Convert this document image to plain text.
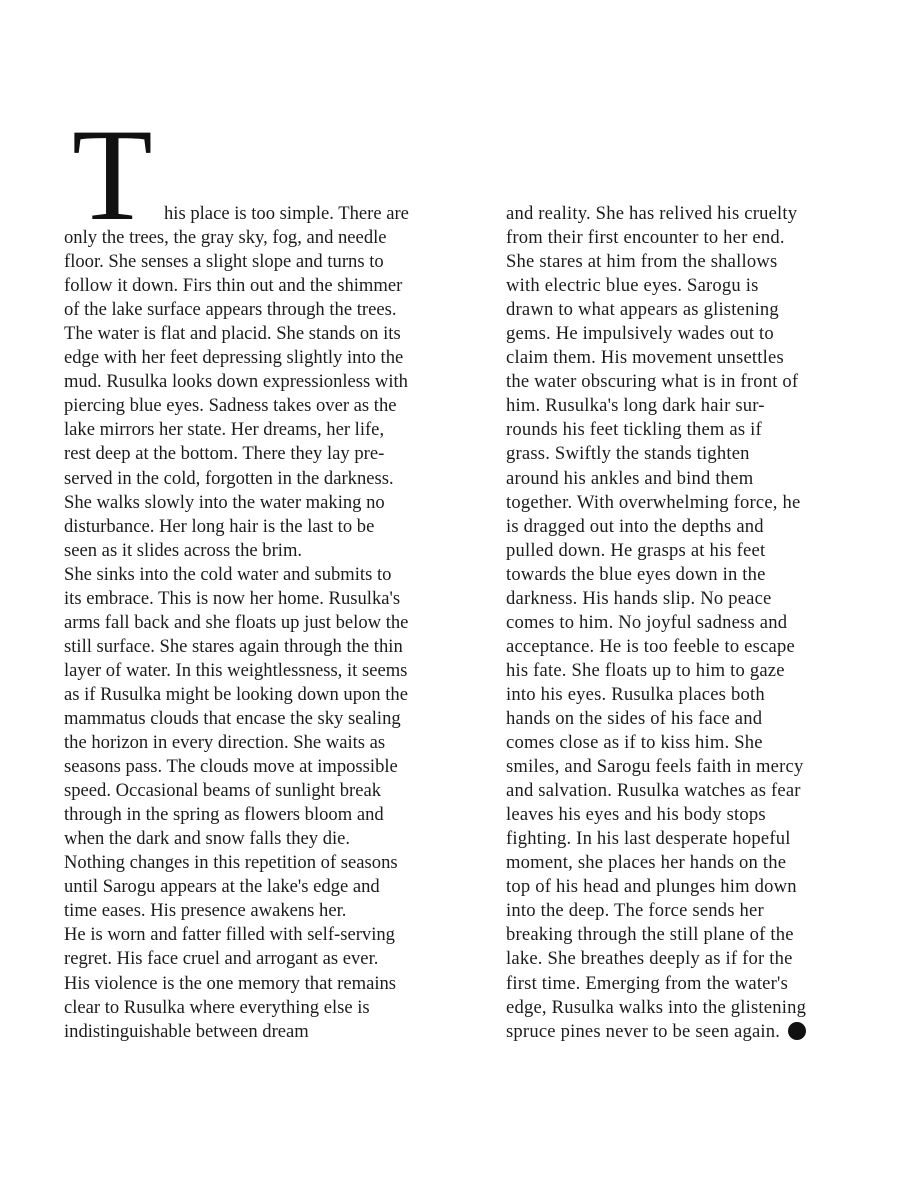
T his place is too simple. There are
only the trees, the gray sky, fog, and needle
floor. She senses a slight slope and turns to
follow it down. Firs thin out and the shimmer
of the lake surface appears through the trees.
The water is flat and placid. She stands on its
edge with her feet depressing slightly into the
mud. Rusulka looks down expressionless with
piercing blue eyes. Sadness takes over as the
lake mirrors her state. Her dreams, her life,
rest deep at the bottom. There they lay pre-
served in the cold, forgotten in the darkness.
She walks slowly into the water making no
disturbance. Her long hair is the last to be
seen as it slides across the brim.
She sinks into the cold water and submits to
its embrace. This is now her home. Rusulka's
arms fall back and she floats up just below the
still surface. She stares again through the thin
layer of water. In this weightlessness, it seems
as if Rusulka might be looking down upon the
mammatus clouds that encase the sky sealing
the horizon in every direction. She waits as
seasons pass. The clouds move at impossible
speed. Occasional beams of sunlight break
through in the spring as flowers bloom and
when the dark and snow falls they die.
Nothing changes in this repetition of seasons
until Sarogu appears at the lake's edge and
time eases. His presence awakens her.
He is worn and fatter filled with self-serving
regret. His face cruel and arrogant as ever.
His violence is the one memory that remains
clear to Rusulka where everything else is
indistinguishable between dream
and reality. She has relived his cruelty
from their first encounter to her end.
She stares at him from the shallows
with electric blue eyes. Sarogu is
drawn to what appears as glistening
gems. He impulsively wades out to
claim them. His movement unsettles
the water obscuring what is in front of
him. Rusulka's long dark hair sur-
rounds his feet tickling them as if
grass. Swiftly the stands tighten
around his ankles and bind them
together. With overwhelming force, he
is dragged out into the depths and
pulled down. He grasps at his feet
towards the blue eyes down in the
darkness. His hands slip. No peace
comes to him. No joyful sadness and
acceptance. He is too feeble to escape
his fate. She floats up to him to gaze
into his eyes. Rusulka places both
hands on the sides of his face and
comes close as if to kiss him. She
smiles, and Sarogu feels faith in mercy
and salvation. Rusulka watches as fear
leaves his eyes and his body stops
fighting. In his last desperate hopeful
moment, she places her hands on the
top of his head and plunges him down
into the deep. The force sends her
breaking through the still plane of the
lake. She breathes deeply as if for the
first time. Emerging from the water's
edge, Rusulka walks into the glistening
spruce pines never to be seen again.
